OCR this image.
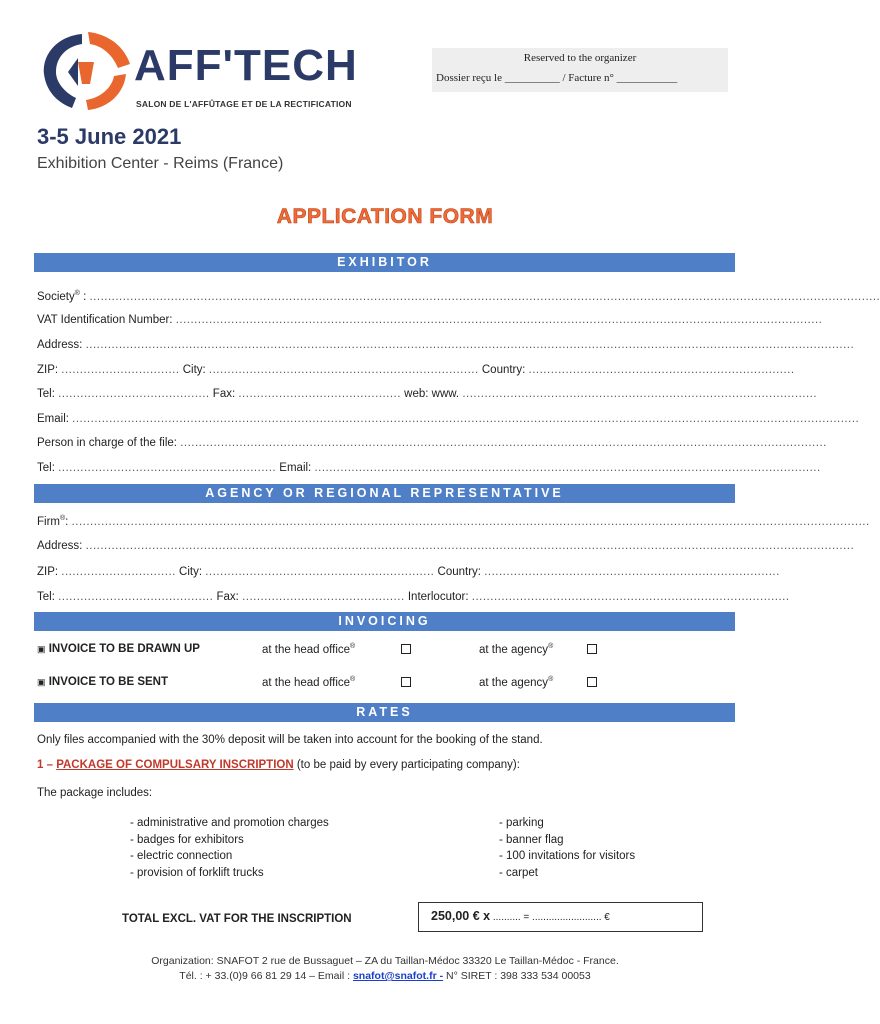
AFF'TECH
SALON DE L'AFFÛTAGE ET DE LA RECTIFICATION
Reserved to the organizer
Dossier reçu le __________ / Facture n° ___________
3-5 June 2021
Exhibition Center - Reims (France)
APPLICATION FORM
EXHIBITOR
Society® : ......................................................................................................................................................................................................................
VAT Identification Number: ...............................................................................................................................................................................
Address: ................................................................................................................................................................................................................
ZIP: ................................ City: ......................................................................... Country: ........................................................................
Tel: ......................................... Fax: ............................................ web: www. ................................................................................................
Email: .....................................................................................................................................................................................................................
Person in charge of the file: ...............................................................................................................................................................................
Tel: ........................................................... Email: .........................................................................................................................................
AGENCY OR REGIONAL REPRESENTATIVE
Firm®: ........................................................................................................................................................................................................................
Address: ................................................................................................................................................................................................................
ZIP: ............................... City: .............................................................. Country: ................................................................................
Tel: .......................................... Fax: ............................................ Interlocutor: ......................................................................................
INVOICING
▣ INVOICE TO BE DRAWN UP	at the head office®	at the agency®
▣ INVOICE TO BE SENT	at the head office®	at the agency®
RATES
Only files accompanied with the 30% deposit will be taken into account for the booking of the stand.
1 – PACKAGE OF COMPULSARY INSCRIPTION (to be paid by every participating company):
The package includes:
- administrative and promotion charges
- badges for exhibitors
- electric connection
- provision of forklift trucks
- parking
- banner flag
- 100 invitations for visitors
- carpet
TOTAL EXCL. VAT FOR THE INSCRIPTION	250,00 € x .......... = ......................... €
Organization: SNAFOT 2 rue de Bussaguet – ZA du Taillan-Médoc 33320 Le Taillan-Médoc - France.
Tél. : + 33.(0)9 66 81 29 14 – Email : snafot@snafot.fr - N° SIRET : 398 333 534 00053
